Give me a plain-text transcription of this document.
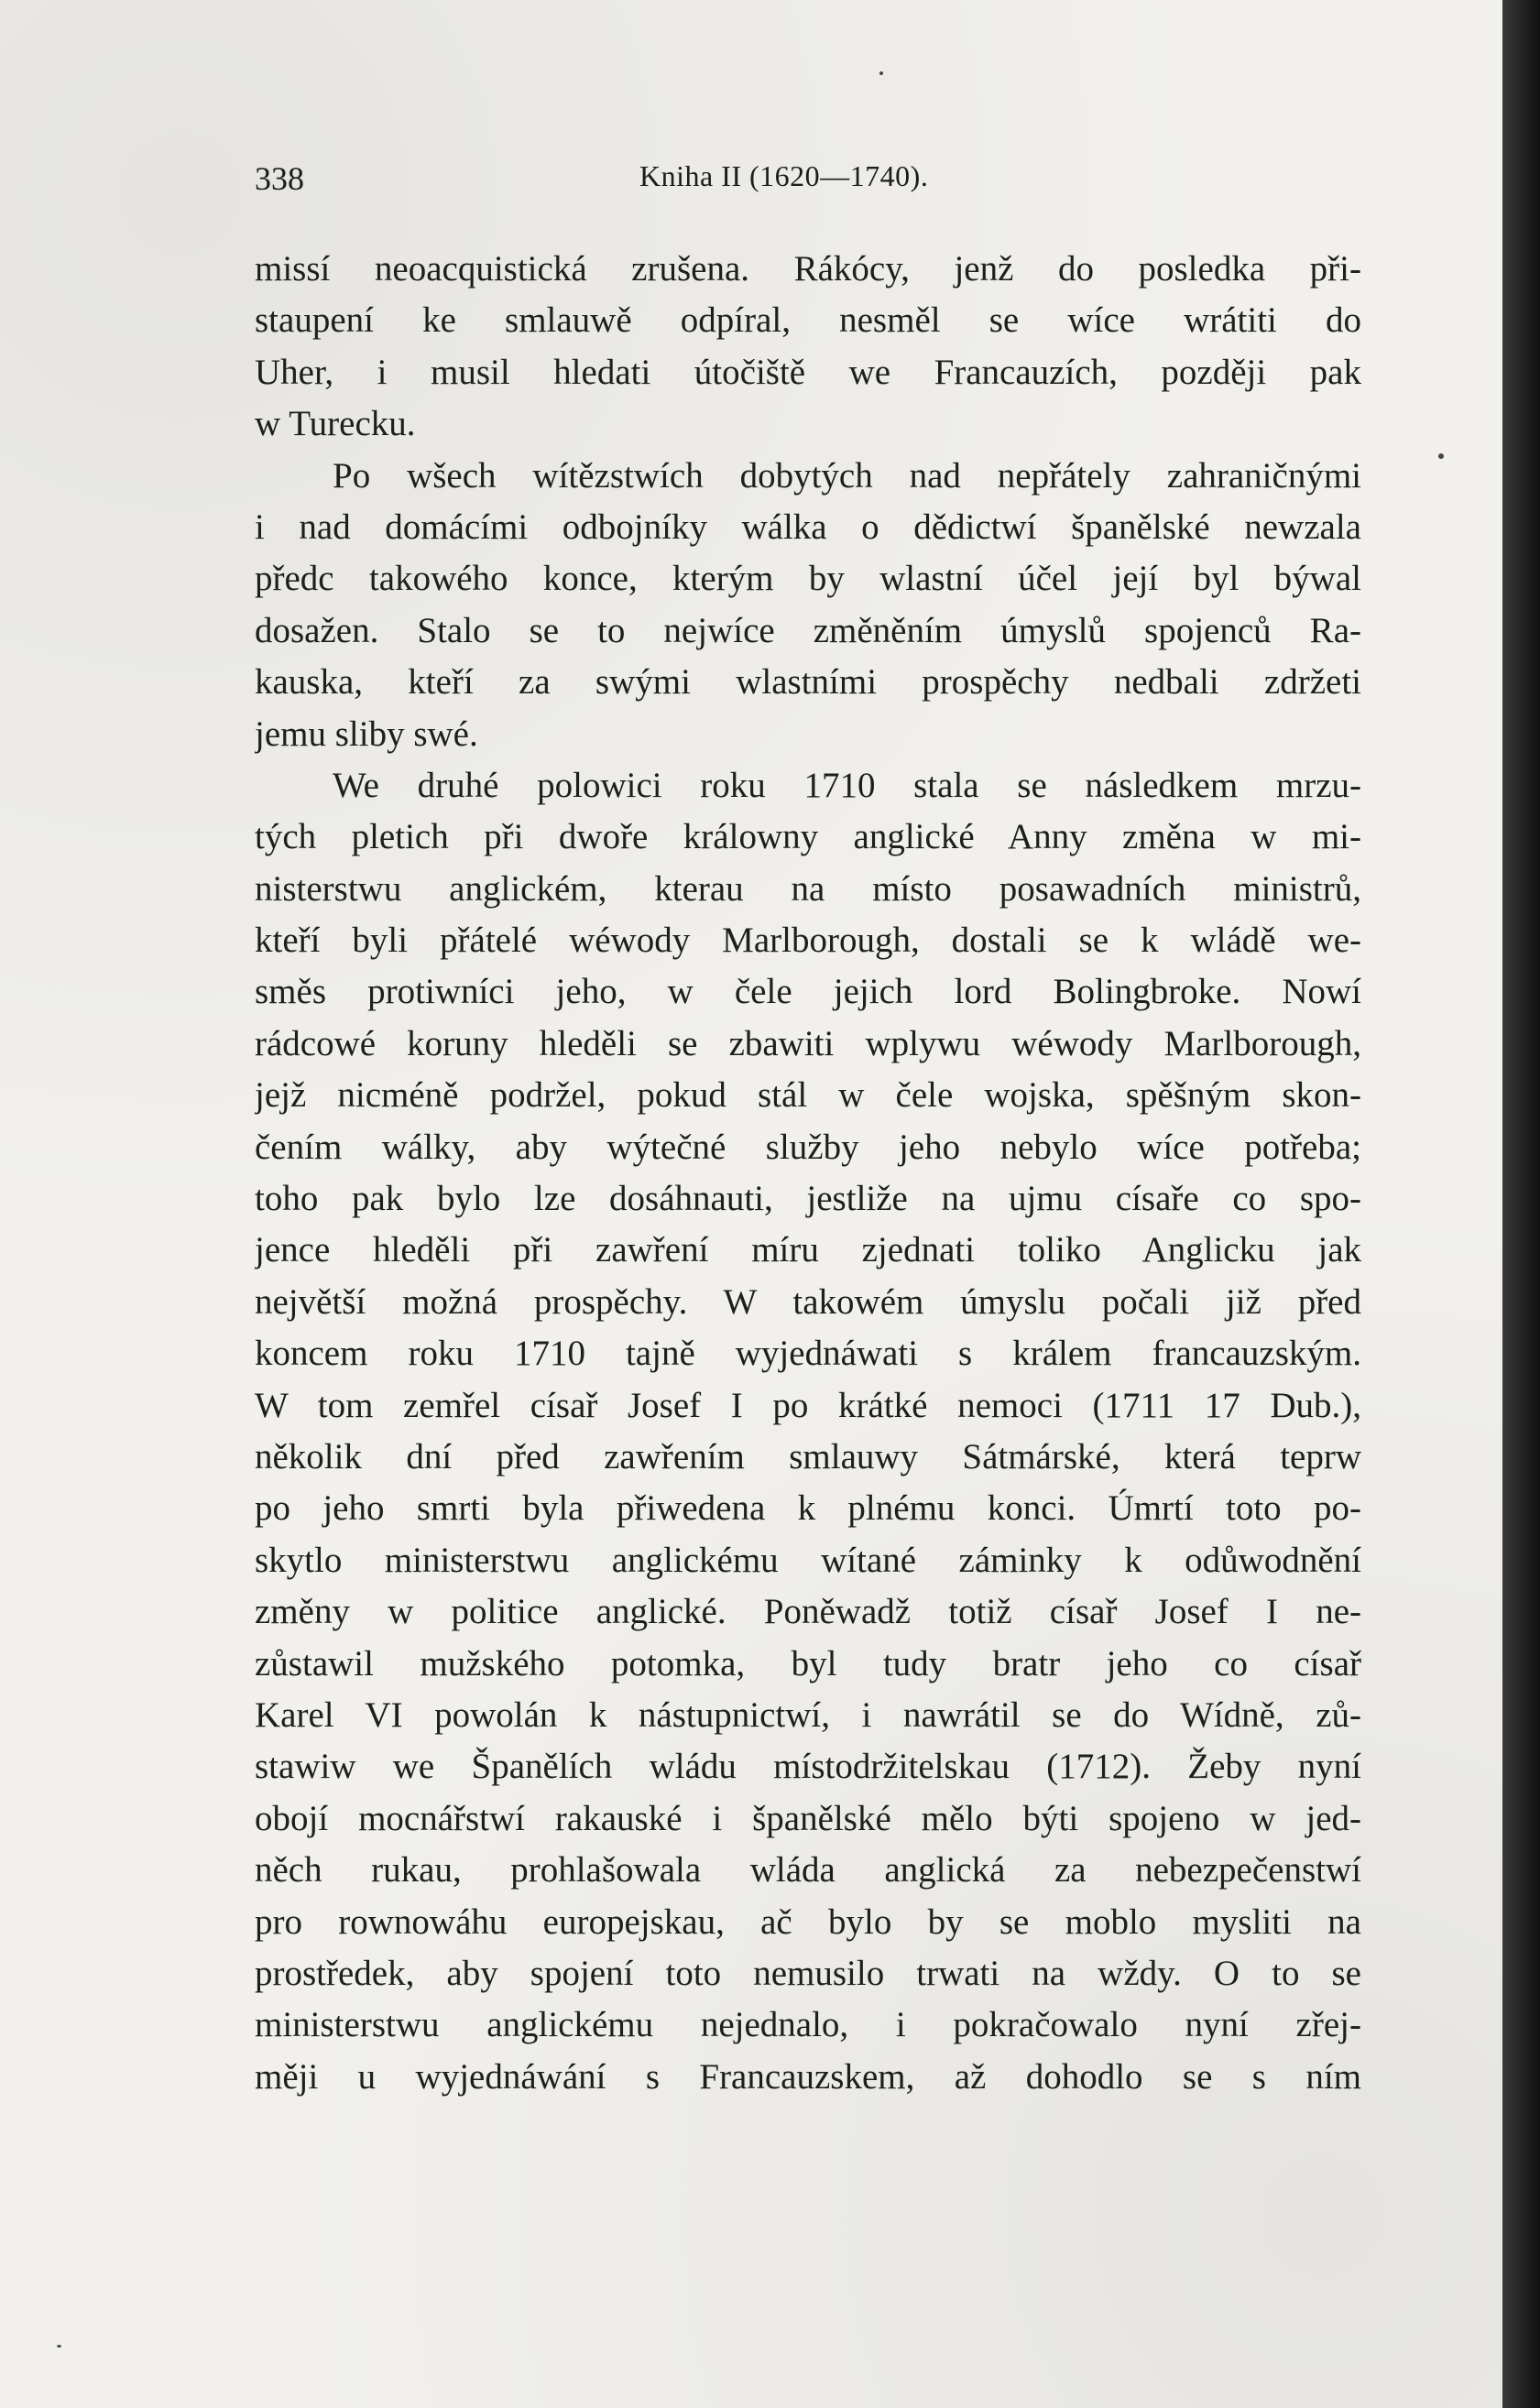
338	Kniha II (1620—1740).
missí neoacquistická zrušena. Rákócy, jenž do posledka při-
staupení ke smlauwě odpíral, nesměl se wíce wrátiti do
Uher, i musil hledati útočiště we Francauzích, později pak
w Turecku.
Po wšech wítězstwích dobytých nad nepřátely zahraničnými
i nad domácími odbojníky wálka o dědictwí španělské newzala
předc takowého konce, kterým by wlastní účel její byl býwal
dosažen. Stalo se to nejwíce změněním úmyslů spojenců Ra-
kauska, kteří za swými wlastními prospěchy nedbali zdržeti
jemu sliby swé.
We druhé polowici roku 1710 stala se následkem mrzu-
tých pletich při dwoře králowny anglické Anny změna w mi-
nisterstwu anglickém, kterau na místo posawadních ministrů,
kteří byli přátelé wéwody Marlborough, dostali se k wládě we-
směs protiwníci jeho, w čele jejich lord Bolingbroke. Nowí
rádcowé koruny hleděli se zbawiti wplywu wéwody Marlborough,
jejž nicméně podržel, pokud stál w čele wojska, spěšným skon-
čením wálky, aby wýtečné služby jeho nebylo wíce potřeba;
toho pak bylo lze dosáhnauti, jestliže na ujmu císaře co spo-
jence hleděli při zawření míru zjednati toliko Anglicku jak
největší možná prospěchy. W takowém úmyslu počali již před
koncem roku 1710 tajně wyjednáwati s králem francauzským.
W tom zemřel císař Josef I po krátké nemoci (1711 17 Dub.),
několik dní před zawřením smlauwy Sátmárské, která teprw
po jeho smrti byla přiwedena k plnému konci. Úmrtí toto po-
skytlo ministerstwu anglickému wítané záminky k odůwodnění
změny w politice anglické. Poněwadž totiž císař Josef I ne-
zůstawil mužského potomka, byl tudy bratr jeho co císař
Karel VI powolán k nástupnictwí, i nawrátil se do Wídně, zů-
stawiw we Španělích wládu místodržitelskau (1712). Žeby nyní
obojí mocnářstwí rakauské i španělské mělo býti spojeno w jed-
něch rukau, prohlašowala wláda anglická za nebezpečenstwí
pro rownowáhu europejskau, ač bylo by se moblo mysliti na
prostředek, aby spojení toto nemusilo trwati na wždy. O to se
ministerstwu anglickému nejednalo, i pokračowalo nyní zřej-
měji u wyjednáwání s Francauzskem, až dohodlo se s ním
